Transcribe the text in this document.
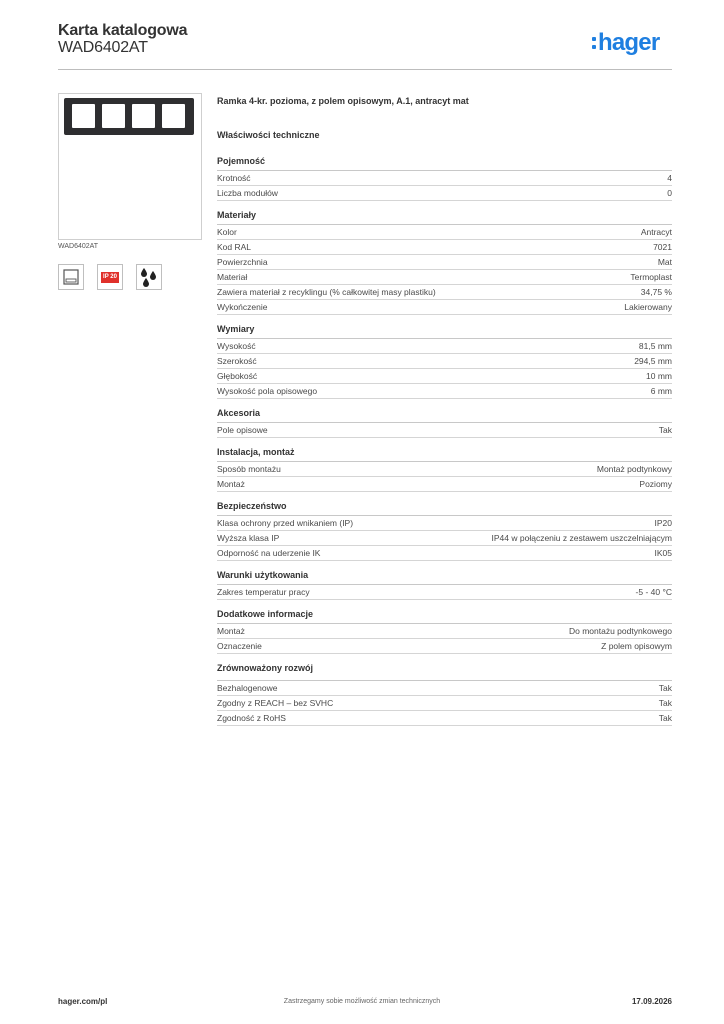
Karta katalogowa
WAD6402AT	hager
WAD6402AT
IP 20
Ramka 4-kr. pozioma, z polem opisowym, A.1, antracyt mat
Właściwości techniczne
Pojemność
Krotność	4
Liczba modułów	0
Materiały
Kolor	Antracyt
Kod RAL	7021
Powierzchnia	Mat
Materiał	Termoplast
Zawiera materiał z recyklingu (% całkowitej masy plastiku)	34,75 %
Wykończenie	Lakierowany
Wymiary
Wysokość	81,5 mm
Szerokość	294,5 mm
Głębokość	10 mm
Wysokość pola opisowego	6 mm
Akcesoria
Pole opisowe	Tak
Instalacja, montaż
Sposób montażu	Montaż podtynkowy
Montaż	Poziomy
Bezpieczeństwo
Klasa ochrony przed wnikaniem (IP)	IP20
Wyższa klasa IP	IP44 w połączeniu z zestawem uszczelniającym
Odporność na uderzenie IK	IK05
Warunki użytkowania
Zakres temperatur pracy	-5 - 40 °C
Dodatkowe informacje
Montaż	Do montażu podtynkowego
Oznaczenie	Z polem opisowym
Zrównoważony rozwój
Bezhalogenowe	Tak
Zgodny z REACH – bez SVHC	Tak
Zgodność z RoHS	Tak
hager.com/pl	Zastrzegamy sobie możliwość zmian technicznych	17.09.2026
